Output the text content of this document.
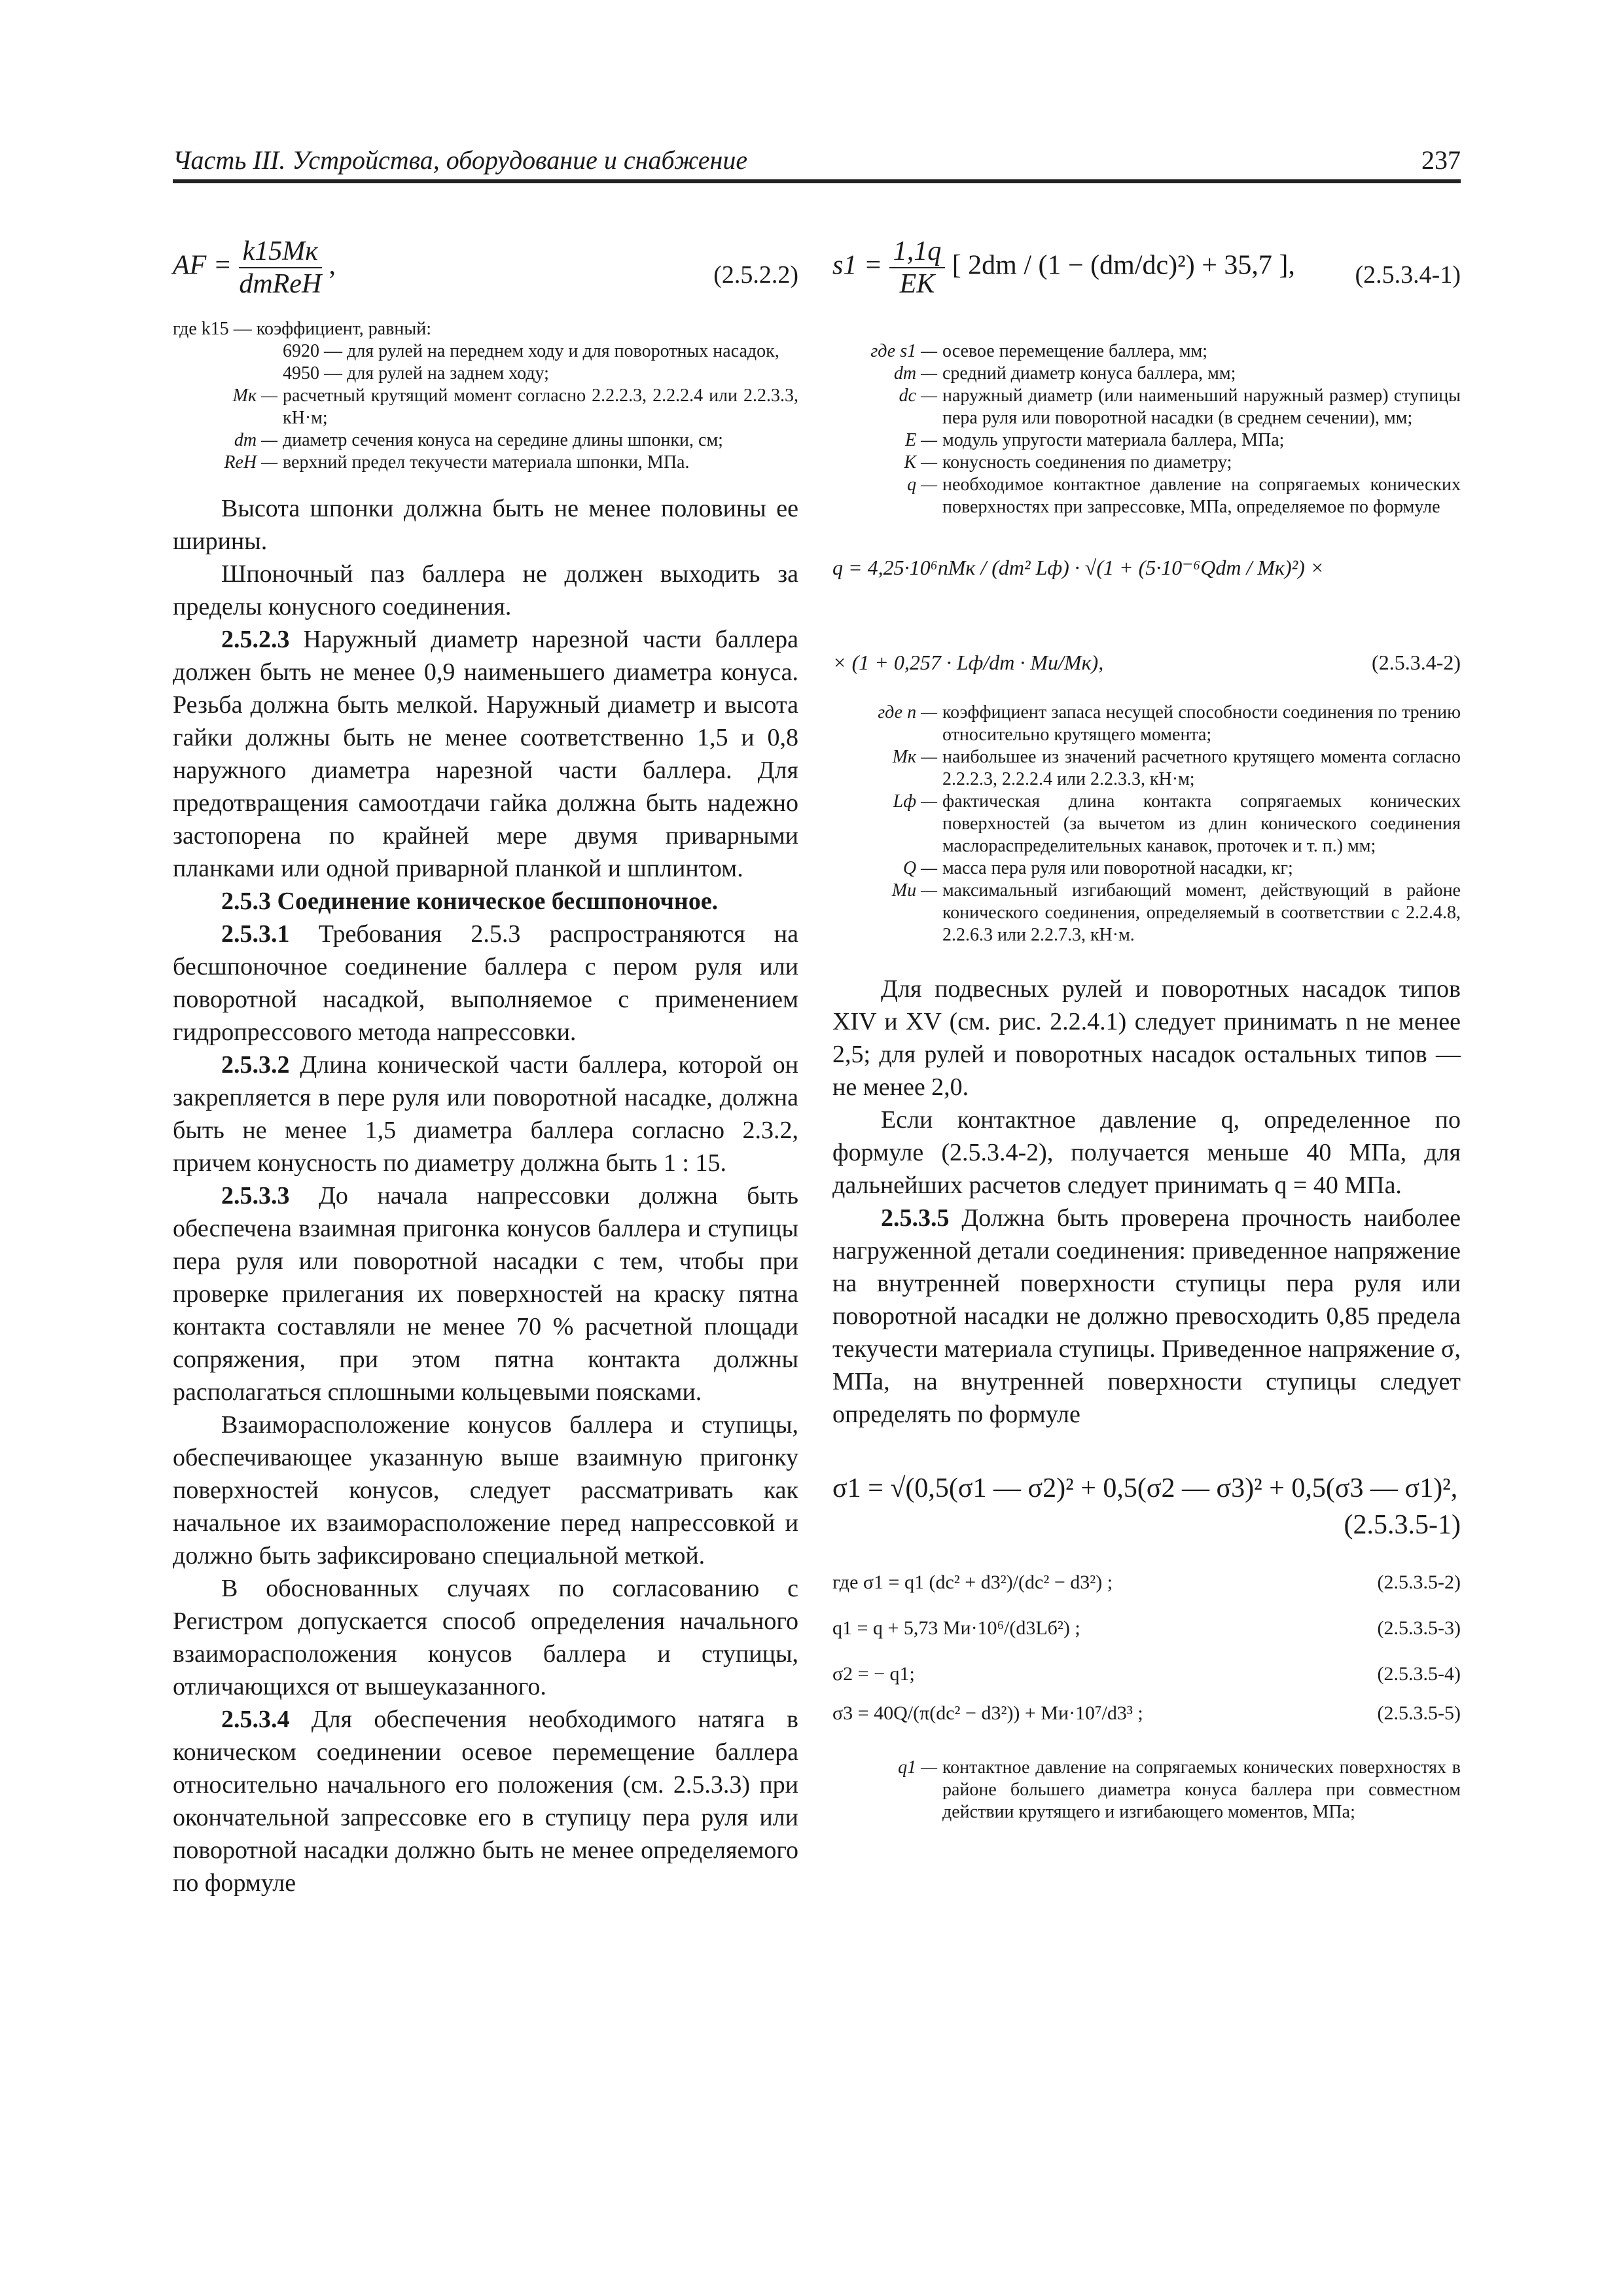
Часть III. Устройства, оборудование и снабжение	237
AF = $\frac{k15Mк}{\text{dmReH}}$ ,	(2.5.2.2)
где k15 — коэффициент, равный:
6920 — для рулей на переднем ходу и для поворотных насадок,
4950 — для рулей на заднем ходу;
Mк — расчетный крутящий момент согласно 2.2.2.3, 2.2.2.4 или 2.2.3.3, кН·м;
dm — диаметр сечения конуса на середине длины шпонки, см;
ReH — верхний предел текучести материала шпонки, МПа.

Высота шпонки должна быть не менее половины ее ширины.

Шпоночный паз баллера не должен выходить за пределы конусного соединения.

2.5.2.3 Наружный диаметр нарезной части баллера должен быть не менее 0,9 наименьшего диаметра конуса. Резьба должна быть мелкой. Наружный диаметр и высота гайки должны быть не менее соответственно 1,5 и 0,8 наружного диаметра нарезной части баллера. Для предотвращения самоотдачи гайка должна быть надежно застопорена по крайней мере двумя приварными планками или одной приварной планкой и шплинтом.

2.5.3 Соединение коническое бесшпоночное.

2.5.3.1 Требования 2.5.3 распространяются на бесшпоночное соединение баллера с пером руля или поворотной насадкой, выполняемое с применением гидропрессового метода напрессовки.

2.5.3.2 Длина конической части баллера, которой он закрепляется в пере руля или поворотной насадке, должна быть не менее 1,5 диаметра баллера согласно 2.3.2, причем конусность по диаметру должна быть 1 : 15.

2.5.3.3 До начала напрессовки должна быть обеспечена взаимная пригонка конусов баллера и ступицы пера руля или поворотной насадки с тем, чтобы при проверке прилегания их поверхностей на краску пятна контакта составляли не менее 70 % расчетной площади сопряжения, при этом пятна контакта должны располагаться сплошными кольцевыми поясками.

Взаиморасположение конусов баллера и ступицы, обеспечивающее указанную выше взаимную пригонку поверхностей конусов, следует рассматривать как начальное их взаиморасположение перед напрессовкой и должно быть зафиксировано специальной меткой.

В обоснованных случаях по согласованию с Регистром допускается способ определения начального взаиморасположения конусов баллера и ступицы, отличающихся от вышеуказанного.

2.5.3.4 Для обеспечения необходимого натяга в коническом соединении осевое перемещение баллера относительно начального его положения (см. 2.5.3.3) при окончательной запрессовке его в ступицу пера руля или поворотной насадки должно быть не менее определяемого по формуле

$s1 = \frac{1,1q}{EK}$ [ 2dm / (1 − (dm/dc)²) + 35,7 ], (2.5.3.4-1)
где s1 — осевое перемещение баллера, мм;
dm — средний диаметр конуса баллера, мм;
dc — наружный диаметр (или наименьший наружный размер) ступицы пера руля или поворотной насадки (в среднем сечении), мм;
E — модуль упругости материала баллера, МПа;
K — конусность соединения по диаметру;
q — необходимое контактное давление на сопрягаемых конических поверхностях при запрессовке, МПа, определяемое по формуле
q = 4,25·10⁶nMк / (dm² Lф) · √(1 + (5·10⁻⁶Qdm / Mк)²) ×
× (1 + 0,257 · Lф/dm · Mи/Mк),	(2.5.3.4-2)
где n — коэффициент запаса несущей способности соединения по трению относительно крутящего момента;
Mк — наибольшее из значений расчетного крутящего момента согласно 2.2.2.3, 2.2.2.4 или 2.2.3.3, кН·м;
Lф — фактическая длина контакта сопрягаемых конических поверхностей (за вычетом из длин конического соединения маслораспределительных канавок, проточек и т. п.) мм;
Q — масса пера руля или поворотной насадки, кг;
Mи — максимальный изгибающий момент, действующий в районе конического соединения, определяемый в соответствии с 2.2.4.8, 2.2.6.3 или 2.2.7.3, кН·м.

Для подвесных рулей и поворотных насадок типов XIV и XV (см. рис. 2.2.4.1) следует принимать n не менее 2,5; для рулей и поворотных насадок остальных типов — не менее 2,0.

Если контактное давление q, определенное по формуле (2.5.3.4-2), получается меньше 40 МПа, для дальнейших расчетов следует принимать q = 40 МПа.

2.5.3.5 Должна быть проверена прочность наиболее нагруженной детали соединения: приведенное напряжение на внутренней поверхности ступицы пера руля или поворотной насадки не должно превосходить 0,85 предела текучести материала ступицы. Приведенное напряжение σ, МПа, на внутренней поверхности ступицы следует определять по формуле

σ1 = √(0,5(σ1 — σ2)² + 0,5(σ2 — σ3)² + 0,5(σ3 — σ1)²,
(2.5.3.5-1)
где σ1 = q1 (dc² + d3²)/(dc² − d3²) ;	(2.5.3.5-2)
q1 = q + 5,73 Mи·10⁶/(d3Lб²) ;	(2.5.3.5-3)
σ2 = − q1;	(2.5.3.5-4)
σ3 = 40Q/(π(dc² − d3²)) + Mи·10⁷/d3³ ;	(2.5.3.5-5)
q1 — контактное давление на сопрягаемых конических поверхностях в районе большего диаметра конуса баллера при совместном действии крутящего и изгибающего моментов, МПа;
